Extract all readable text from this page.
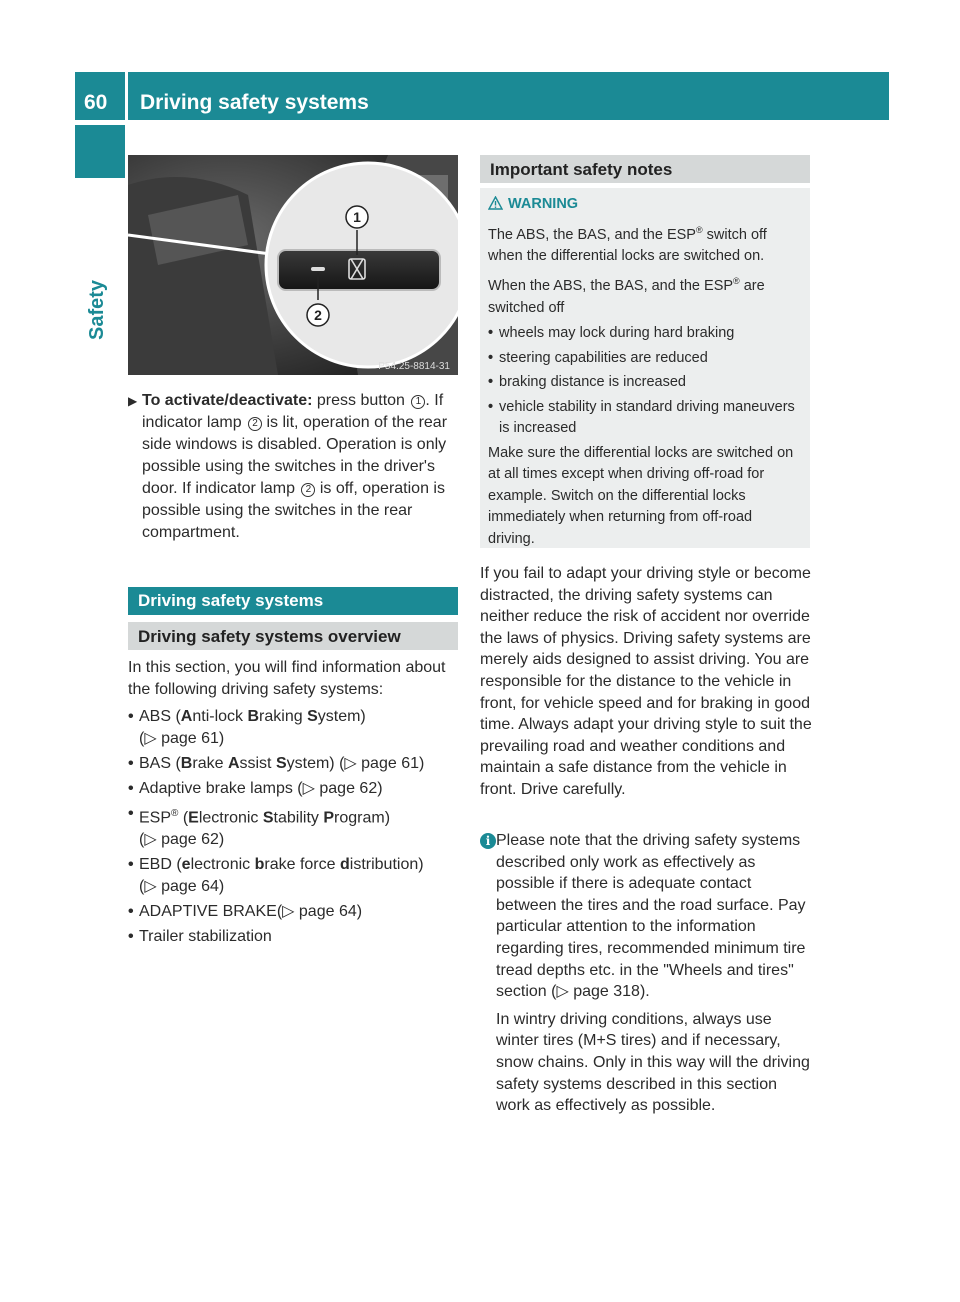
60	Driving safety systems
Safety
1
2
P54.25-8814-31
▶ To activate/deactivate: press button 1 . If indicator lamp 2 is lit, operation of the rear side windows is disabled. Operation is only possible using the switches in the driver's door. If indicator lamp 2 is off, operation is possible using the switches in the rear compartment.
Driving safety systems
Driving safety systems overview
In this section, you will find information about the following driving safety systems:
• ABS (Anti-lock Braking System)
(▷ page 61)
• BAS (Brake Assist System) (▷ page 61)
• Adaptive brake lamps (▷ page 62)
• ESP® (Electronic Stability Program)
(▷ page 62)
• EBD (electronic brake force distribution)
(▷ page 64)
• ADAPTIVE BRAKE(▷ page 64)
• Trailer stabilization
Important safety notes
WARNING

The ABS, the BAS, and the ESP® switch off when the differential locks are switched on.

When the ABS, the BAS, and the ESP® are switched off

• wheels may lock during hard braking
• steering capabilities are reduced
• braking distance is increased
• vehicle stability in standard driving maneuvers is increased

Make sure the differential locks are switched on at all times except when driving off-road for example. Switch on the differential locks immediately when returning from off-road driving.

If you fail to adapt your driving style or become distracted, the driving safety systems can neither reduce the risk of accident nor override the laws of physics. Driving safety systems are merely aids designed to assist driving. You are responsible for the distance to the vehicle in front, for vehicle speed and for braking in good time. Always adapt your driving style to suit the prevailing road and weather conditions and maintain a safe distance from the vehicle in front. Drive carefully.
i Please note that the driving safety systems described only work as effectively as possible if there is adequate contact between the tires and the road surface. Pay particular attention to the information regarding tires, recommended minimum tire tread depths etc. in the "Wheels and tires" section (▷ page 318).

In wintry driving conditions, always use winter tires (M+S tires) and if necessary, snow chains. Only in this way will the driving safety systems described in this section work as effectively as possible.
